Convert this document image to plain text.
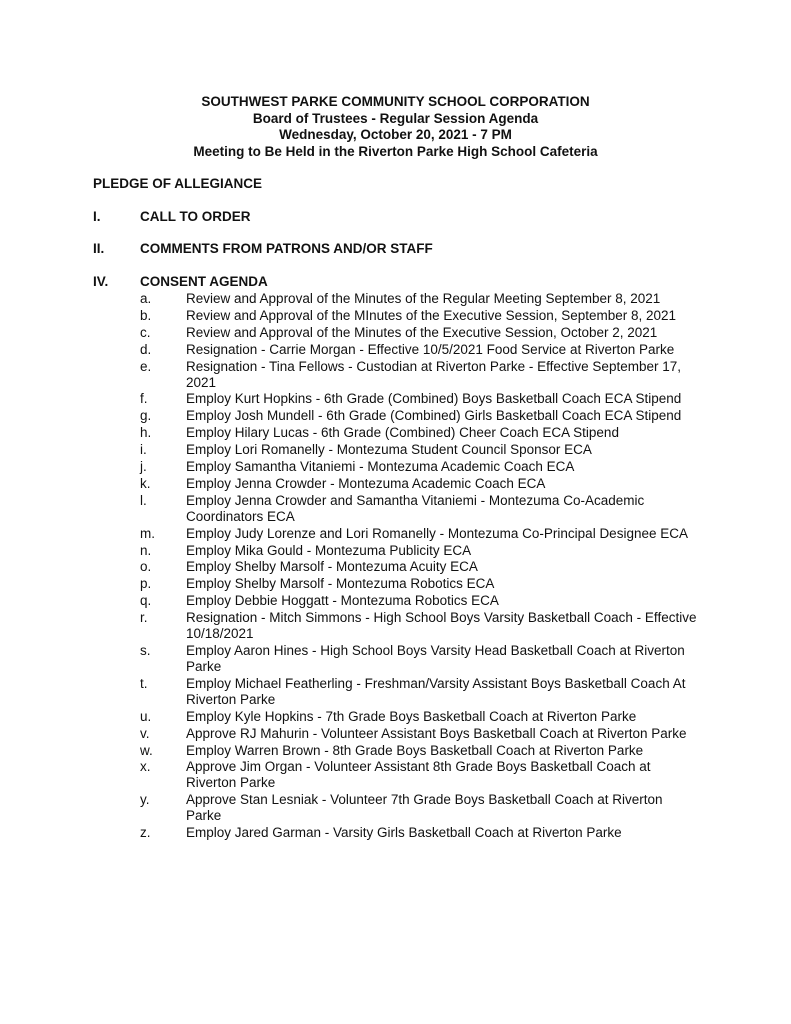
SOUTHWEST PARKE COMMUNITY SCHOOL CORPORATION
Board of Trustees - Regular Session Agenda
Wednesday, October 20, 2021 - 7 PM
Meeting to Be Held in the Riverton Parke High School Cafeteria
PLEDGE OF ALLEGIANCE
I.	CALL TO ORDER
II.	COMMENTS FROM PATRONS AND/OR STAFF
IV. CONSENT AGENDA
a.	Review and Approval of the Minutes of the Regular Meeting September 8, 2021
b.	Review and Approval of the MInutes of the Executive Session, September 8, 2021
c.	Review and Approval of the Minutes of the Executive Session, October 2, 2021
d.	Resignation - Carrie Morgan - Effective 10/5/2021 Food Service at Riverton Parke
e.	Resignation - Tina Fellows - Custodian at Riverton Parke - Effective September 17, 2021
f.	Employ Kurt Hopkins - 6th Grade (Combined) Boys Basketball Coach ECA Stipend
g.	Employ Josh Mundell - 6th Grade (Combined) Girls Basketball Coach ECA Stipend
h.	Employ Hilary Lucas - 6th Grade (Combined) Cheer Coach ECA Stipend
i.	Employ Lori Romanelly - Montezuma Student Council Sponsor ECA
j.	Employ Samantha Vitaniemi - Montezuma Academic Coach ECA
k.	Employ Jenna Crowder - Montezuma Academic Coach ECA
l.	Employ Jenna Crowder and Samantha Vitaniemi - Montezuma Co-Academic Coordinators ECA
m.	Employ Judy Lorenze and Lori Romanelly - Montezuma Co-Principal Designee ECA
n.	Employ Mika Gould - Montezuma Publicity ECA
o.	Employ Shelby Marsolf - Montezuma Acuity ECA
p.	Employ Shelby Marsolf - Montezuma Robotics ECA
q.	Employ Debbie Hoggatt - Montezuma Robotics ECA
r.	Resignation - Mitch Simmons - High School Boys Varsity Basketball Coach - Effective 10/18/2021
s.	Employ Aaron Hines - High School Boys Varsity Head Basketball Coach at Riverton Parke
t.	Employ Michael Featherling - Freshman/Varsity Assistant Boys Basketball Coach At Riverton Parke
u.	Employ Kyle Hopkins - 7th Grade Boys Basketball Coach at Riverton Parke
v.	Approve RJ Mahurin - Volunteer Assistant Boys Basketball Coach at Riverton Parke
w.	Employ Warren Brown - 8th Grade Boys Basketball Coach at Riverton Parke
x.	Approve Jim Organ - Volunteer Assistant 8th Grade Boys Basketball Coach at Riverton Parke
y.	Approve Stan Lesniak - Volunteer 7th Grade Boys Basketball Coach at Riverton Parke
z.	Employ Jared Garman - Varsity Girls Basketball Coach at Riverton Parke
